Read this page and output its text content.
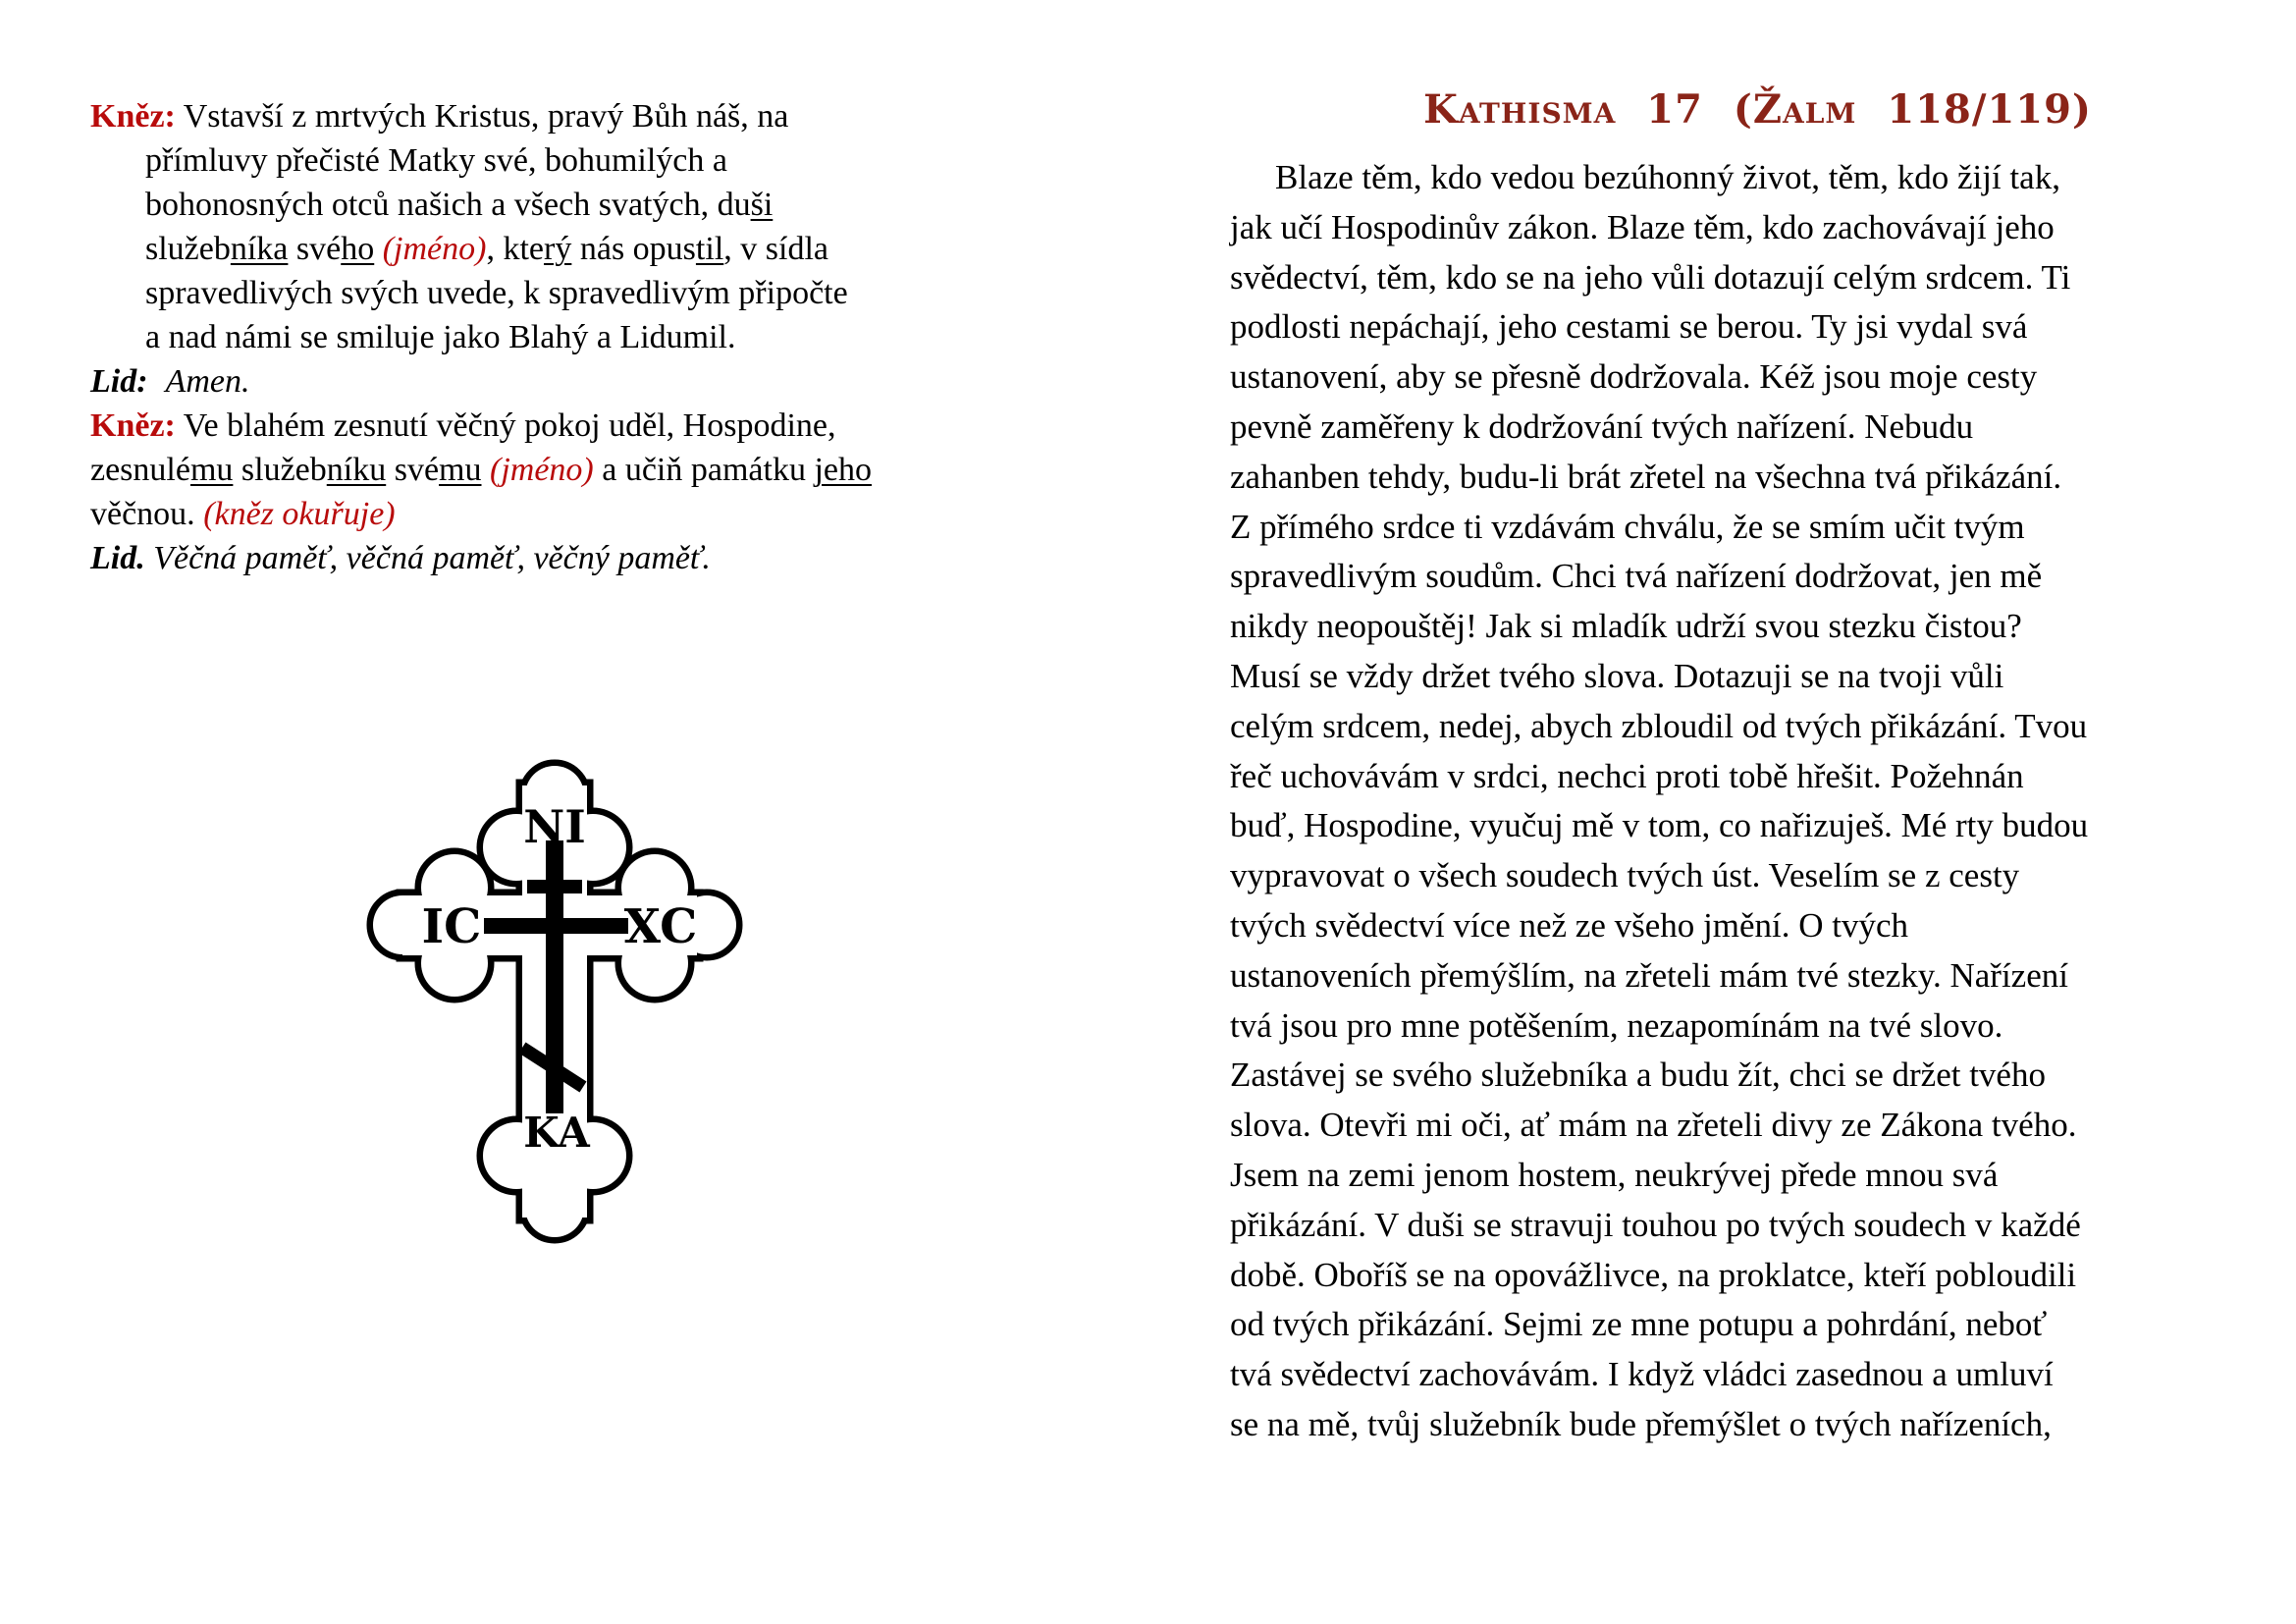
Kněz: Vstavší z mrtvých Kristus, pravý Bůh náš, na
přímluvy přečisté Matky své, bohumilých a
bohonosných otců našich a všech svatých, duši
služebníka svého (jméno), který nás opustil, v sídla
spravedlivých svých uvede, k spravedlivým připočte
a nad námi se smiluje jako Blahý a Lidumil.
Lid: Amen.
Kněz: Ve blahém zesnutí věčný pokoj uděl, Hospodine,
zesnulému služebníku svému (jméno) a učiň památku jeho
věčnou. (kněz okuřuje)
Lid. Věčná paměť, věčná paměť, věčný paměť.
NI
IC	XC
KA
Kathisma 17 (Žalm 118/119)
Blaze těm, kdo vedou bezúhonný život, těm, kdo žijí tak,
jak učí Hospodinův zákon. Blaze těm, kdo zachovávají jeho
svědectví, těm, kdo se na jeho vůli dotazují celým srdcem. Ti
podlosti nepáchají, jeho cestami se berou. Ty jsi vydal svá
ustanovení, aby se přesně dodržovala. Kéž jsou moje cesty
pevně zaměřeny k dodržování tvých nařízení. Nebudu
zahanben tehdy, budu-li brát zřetel na všechna tvá přikázání.
Z přímého srdce ti vzdávám chválu, že se smím učit tvým
spravedlivým soudům. Chci tvá nařízení dodržovat, jen mě
nikdy neopouštěj! Jak si mladík udrží svou stezku čistou?
Musí se vždy držet tvého slova. Dotazuji se na tvoji vůli
celým srdcem, nedej, abych zbloudil od tvých přikázání. Tvou
řeč uchovávám v srdci, nechci proti tobě hřešit. Požehnán
buď, Hospodine, vyučuj mě v tom, co nařizuješ. Mé rty budou
vypravovat o všech soudech tvých úst. Veselím se z cesty
tvých svědectví více než ze všeho jmění. O tvých
ustanoveních přemýšlím, na zřeteli mám tvé stezky. Nařízení
tvá jsou pro mne potěšením, nezapomínám na tvé slovo.
Zastávej se svého služebníka a budu žít, chci se držet tvého
slova. Otevři mi oči, ať mám na zřeteli divy ze Zákona tvého.
Jsem na zemi jenom hostem, neukrývej přede mnou svá
přikázání. V duši se stravuji touhou po tvých soudech v každé
době. Oboříš se na opovážlivce, na proklatce, kteří pobloudili
od tvých přikázání. Sejmi ze mne potupu a pohrdání, neboť
tvá svědectví zachovávám. I když vládci zasednou a umluví
se na mě, tvůj služebník bude přemýšlet o tvých nařízeních,
